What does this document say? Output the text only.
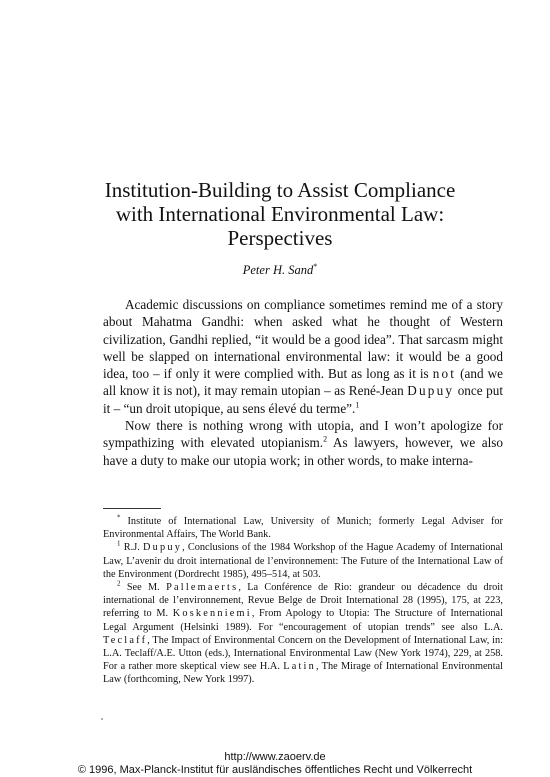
Institution-Building to Assist Compliance
with International Environmental Law:
Perspectives
Peter H. Sand*

Academic discussions on compliance sometimes remind me of a story about Mahatma Gandhi: when asked what he thought of Western civilization, Gandhi replied, “it would be a good idea”. That sarcasm might well be slapped on international environmental law: it would be a good idea, too – if only it were complied with. But as long as it is not (and we all know it is not), it may remain utopian – as René-Jean Dupuy once put it – “un droit utopique, au sens élevé du terme”.$^1$

Now there is nothing wrong with utopia, and I won’t apologize for sympathizing with elevated utopianism.$^2$ As lawyers, however, we also have a duty to make our utopia work; in other words, to make interna-

* Institute of International Law, University of Munich; formerly Legal Adviser for Environmental Affairs, The World Bank.

$^1$ R.J. Dupuy, Conclusions of the 1984 Workshop of the Hague Academy of International Law, L’avenir du droit international de l’environnement: The Future of the International Law of the Environment (Dordrecht 1985), 495–514, at 503.

$^2$ See M. Pallemaerts, La Conférence de Rio: grandeur ou décadence du droit international de l’environnement, Revue Belge de Droit International 28 (1995), 175, at 223, referring to M. Koskenniemi, From Apology to Utopia: The Structure of International Legal Argument (Helsinki 1989). For “encouragement of utopian trends” see also L.A. Teclaff, The Impact of Environmental Concern on the Development of International Law, in: L.A. Teclaff/A.E. Utton (eds.), International Environmental Law (New York 1974), 229, at 258. For a rather more skeptical view see H.A. Latin, The Mirage of International Environmental Law (forthcoming, New York 1997).

http://www.zaoerv.de
© 1996, Max-Planck-Institut für ausländisches öffentliches Recht und Völkerrecht
